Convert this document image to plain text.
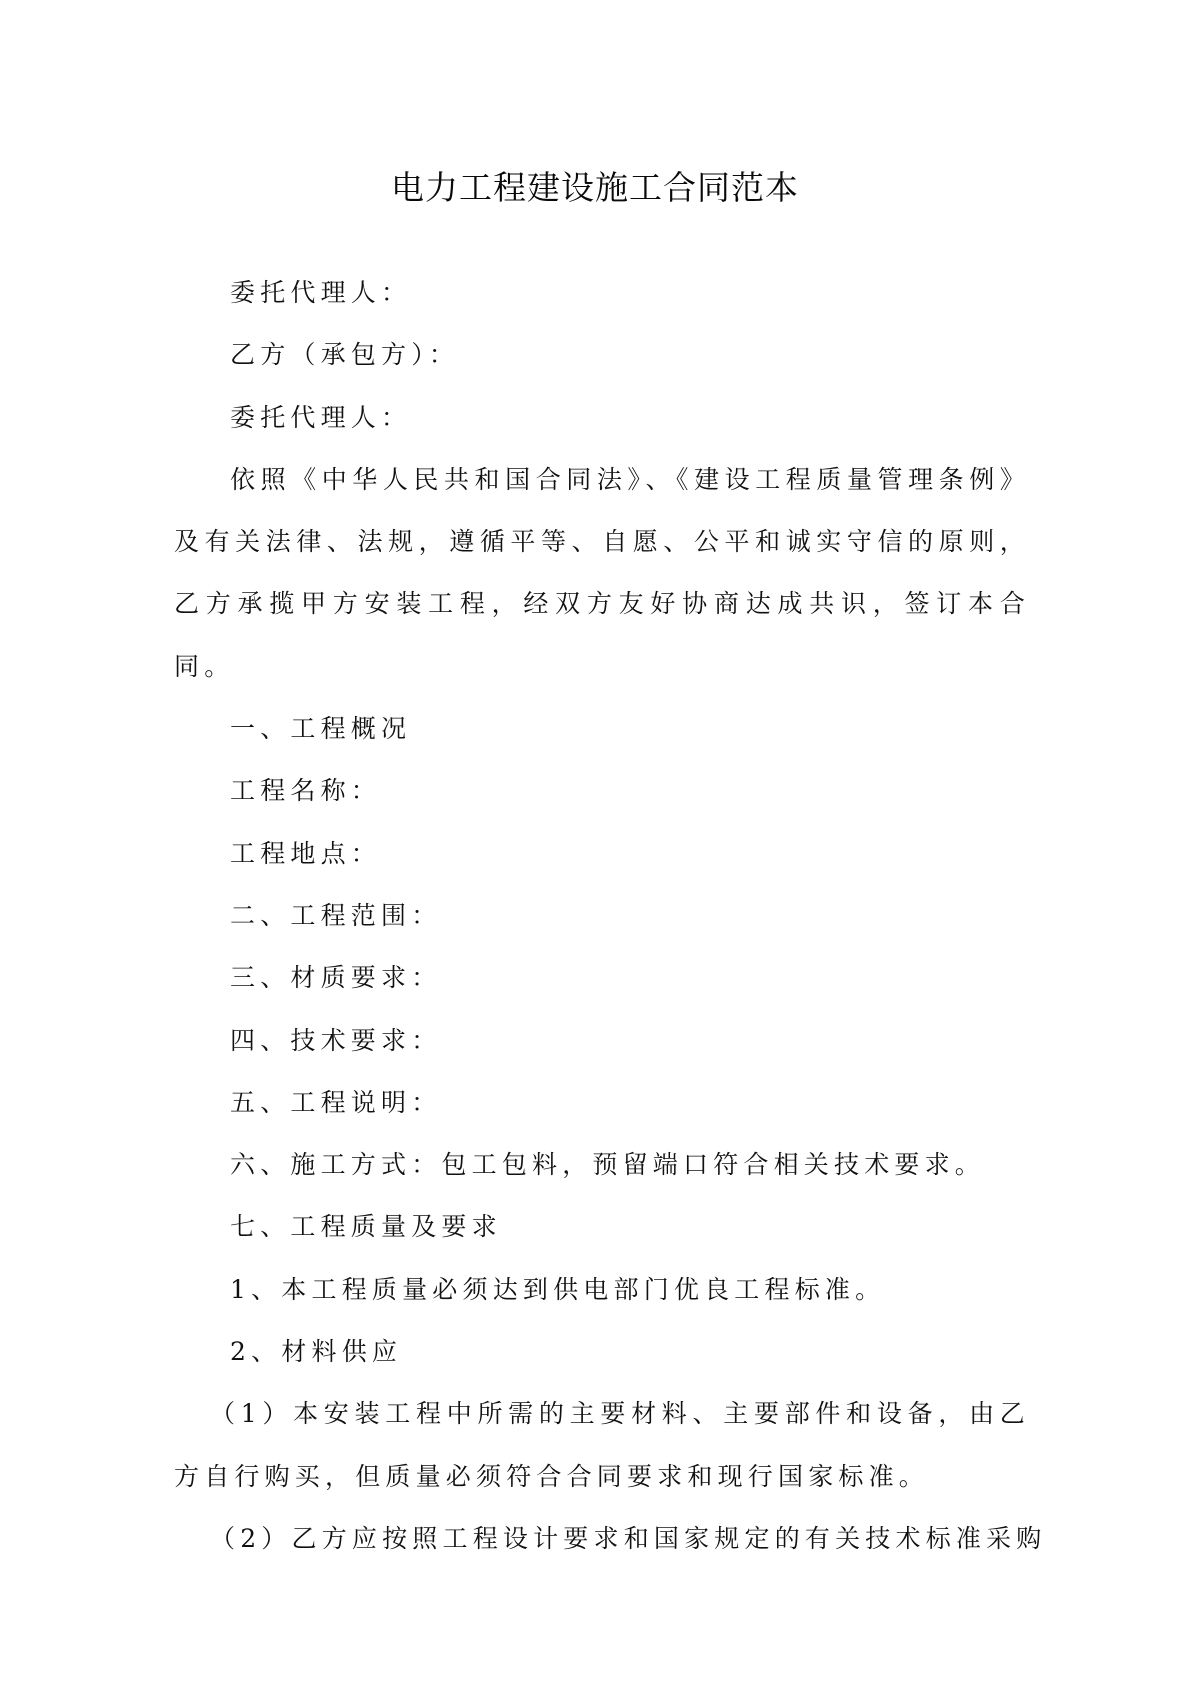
电力工程建设施工合同范本

委托代理人：

乙方（承包方）：

委托代理人：

依照《中华人民共和国合同法》、《建设工程质量管理条例》及有关法律、法规，遵循平等、自愿、公平和诚实守信的原则，乙方承揽甲方安装工程，经双方友好协商达成共识，签订本合同。

一、工程概况

工程名称：

工程地点：

二、工程范围：

三、材质要求：

四、技术要求：

五、工程说明：

六、施工方式：包工包料，预留端口符合相关技术要求。

七、工程质量及要求

1、本工程质量必须达到供电部门优良工程标准。

2、材料供应

（1）本安装工程中所需的主要材料、主要部件和设备，由乙方自行购买，但质量必须符合合同要求和现行国家标准。

（2）乙方应按照工程设计要求和国家规定的有关技术标准采购
